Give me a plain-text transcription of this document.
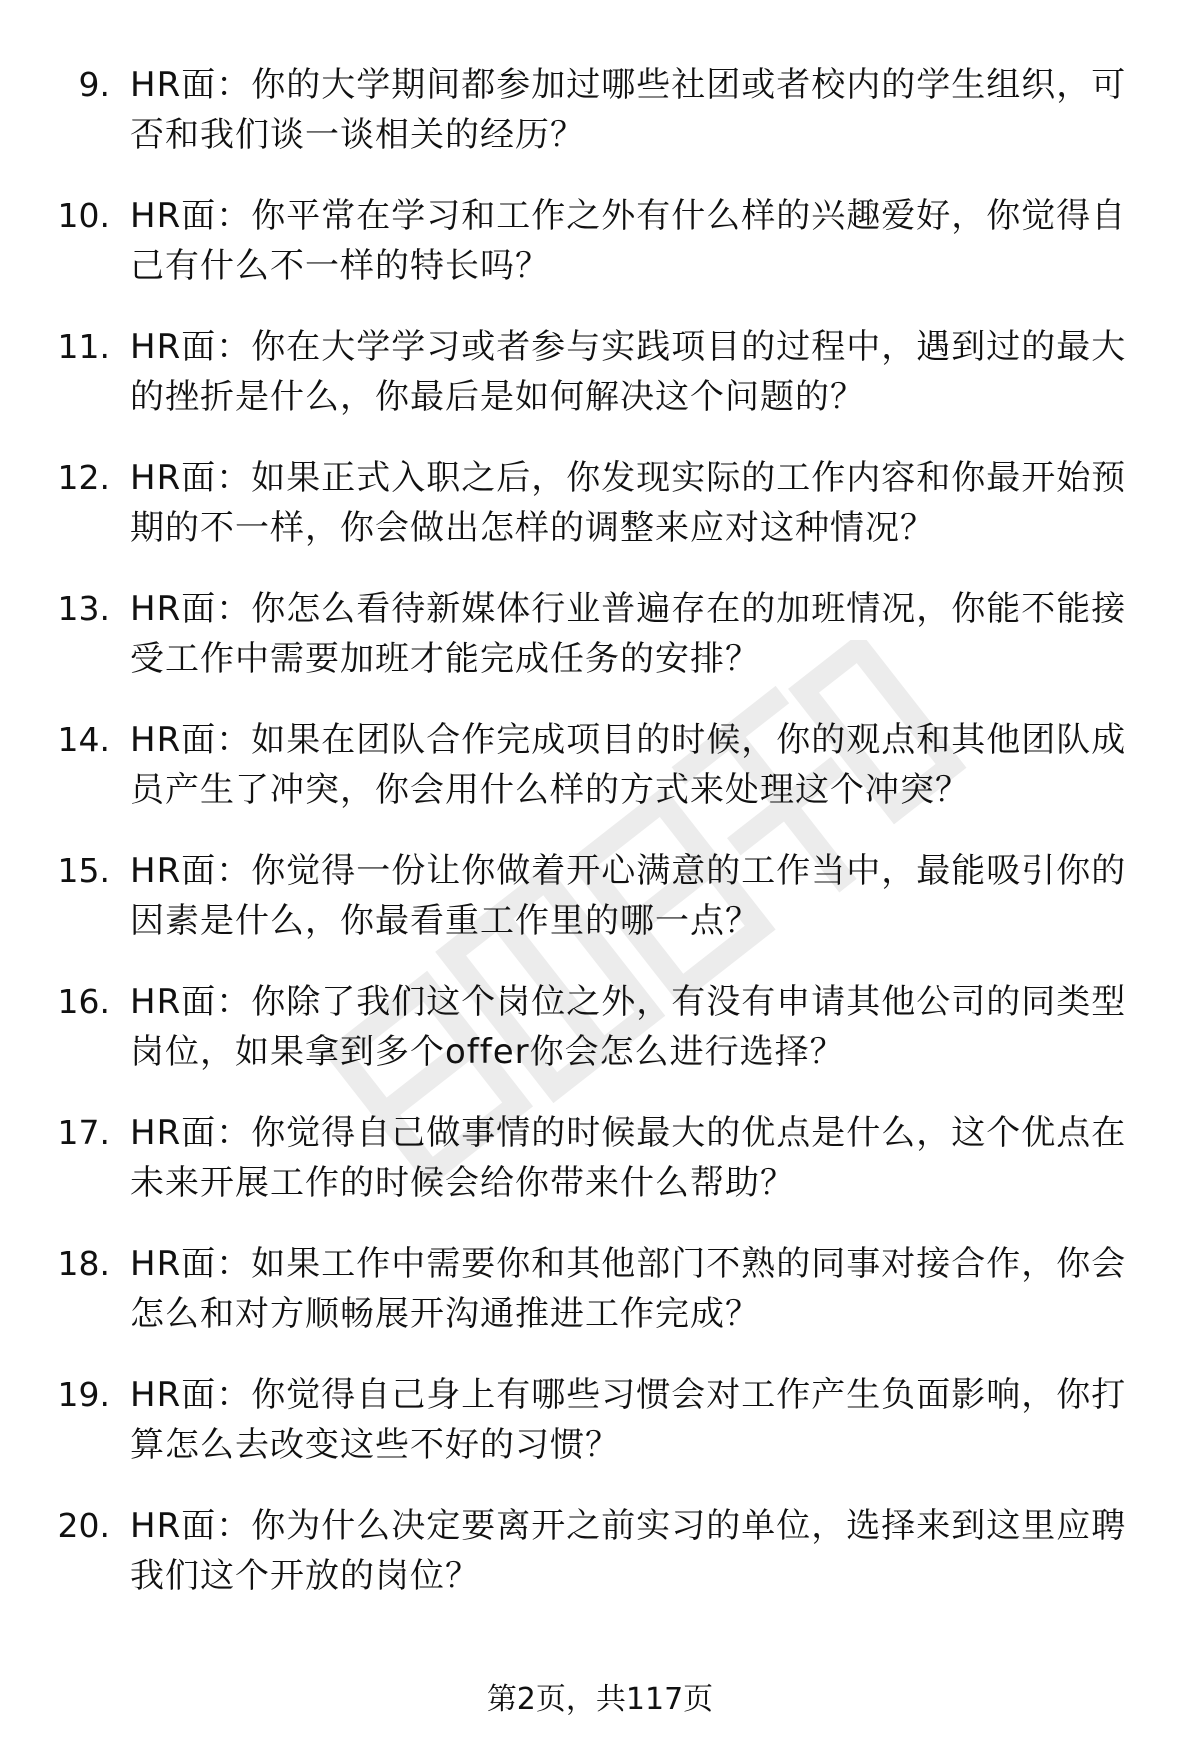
9. HR面：你的大学期间都参加过哪些社团或者校内的学生组织，可否和我们谈一谈相关的经历？
10. HR面：你平常在学习和工作之外有什么样的兴趣爱好，你觉得自己有什么不一样的特长吗？
11. HR面：你在大学学习或者参与实践项目的过程中，遇到过的最大的挫折是什么，你最后是如何解决这个问题的？
12. HR面：如果正式入职之后，你发现实际的工作内容和你最开始预期的不一样，你会做出怎样的调整来应对这种情况？
13. HR面：你怎么看待新媒体行业普遍存在的加班情况，你能不能接受工作中需要加班才能完成任务的安排？
14. HR面：如果在团队合作完成项目的时候，你的观点和其他团队成员产生了冲突，你会用什么样的方式来处理这个冲突？
15. HR面：你觉得一份让你做着开心满意的工作当中，最能吸引你的因素是什么，你最看重工作里的哪一点？
16. HR面：你除了我们这个岗位之外，有没有申请其他公司的同类型岗位，如果拿到多个offer你会怎么进行选择？
17. HR面：你觉得自己做事情的时候最大的优点是什么，这个优点在未来开展工作的时候会给你带来什么帮助？
18. HR面：如果工作中需要你和其他部门不熟的同事对接合作，你会怎么和对方顺畅展开沟通推进工作完成？
19. HR面：你觉得自己身上有哪些习惯会对工作产生负面影响，你打算怎么去改变这些不好的习惯？
20. HR面：你为什么决定要离开之前实习的单位，选择来到这里应聘我们这个开放的岗位？
第2页，共117页
